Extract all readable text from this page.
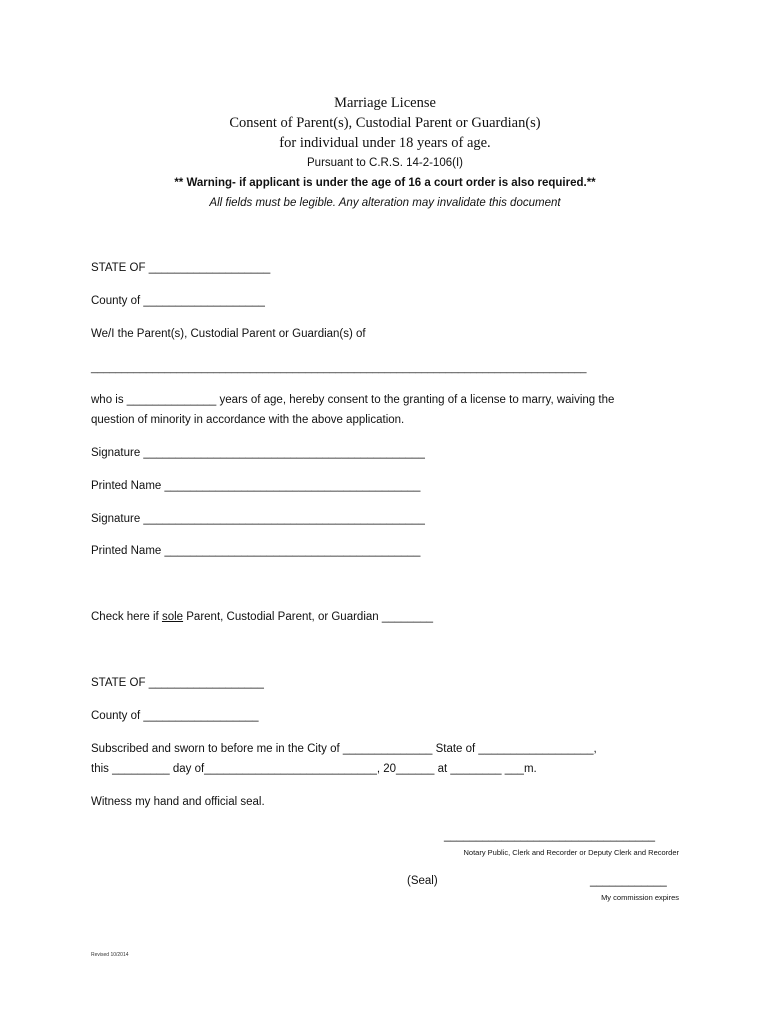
Marriage License
Consent of Parent(s), Custodial Parent or Guardian(s)
for individual under 18 years of age.
Pursuant to C.R.S. 14-2-106(I)
** Warning- if applicant is under the age of 16 a court order is also required.**
All fields must be legible. Any alteration may invalidate this document
STATE OF ___________________
County of ___________________
We/I the Parent(s), Custodial Parent or Guardian(s) of
_________________________________________________________________________________
who is ______________ years of age, hereby consent to the granting of a license to marry, waiving the
question of minority in accordance with the above application.
Signature ____________________________________________
Printed Name ________________________________________
Signature ____________________________________________
Printed Name ________________________________________
Check here if sole Parent, Custodial Parent, or Guardian ________
STATE OF __________________
County of __________________
Subscribed and sworn to before me in the City of ______________ State of __________________,
this _________ day of___________________________, 20______ at ________ ___m.
Witness my hand and official seal.
_________________________________
Notary Public, Clerk and Recorder or Deputy Clerk and Recorder
(Seal)	____________
My commission expires
Revised 10/2014
